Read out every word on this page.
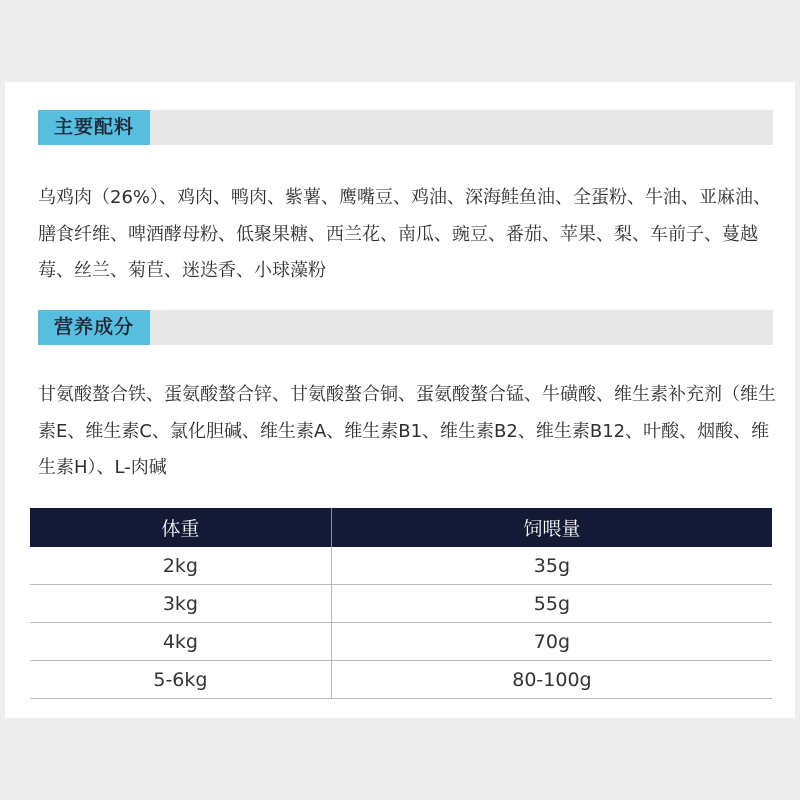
主要配料
乌鸡肉（26%）、鸡肉、鸭肉、紫薯、鹰嘴豆、鸡油、深海鲑鱼油、全蛋粉、牛油、亚麻油、膳食纤维、啤酒酵母粉、低聚果糖、西兰花、南瓜、豌豆、番茄、苹果、梨、车前子、蔓越莓、丝兰、菊苣、迷迭香、小球藻粉
营养成分
甘氨酸螯合铁、蛋氨酸螯合锌、甘氨酸螯合铜、蛋氨酸螯合锰、牛磺酸、维生素补充剂（维生素E、维生素C、氯化胆碱、维生素A、维生素B1、维生素B2、维生素B12、叶酸、烟酸、维生素H）、L-肉碱
体重	饲喂量
2kg	35g
3kg	55g
4kg	70g
5-6kg	80-100g
